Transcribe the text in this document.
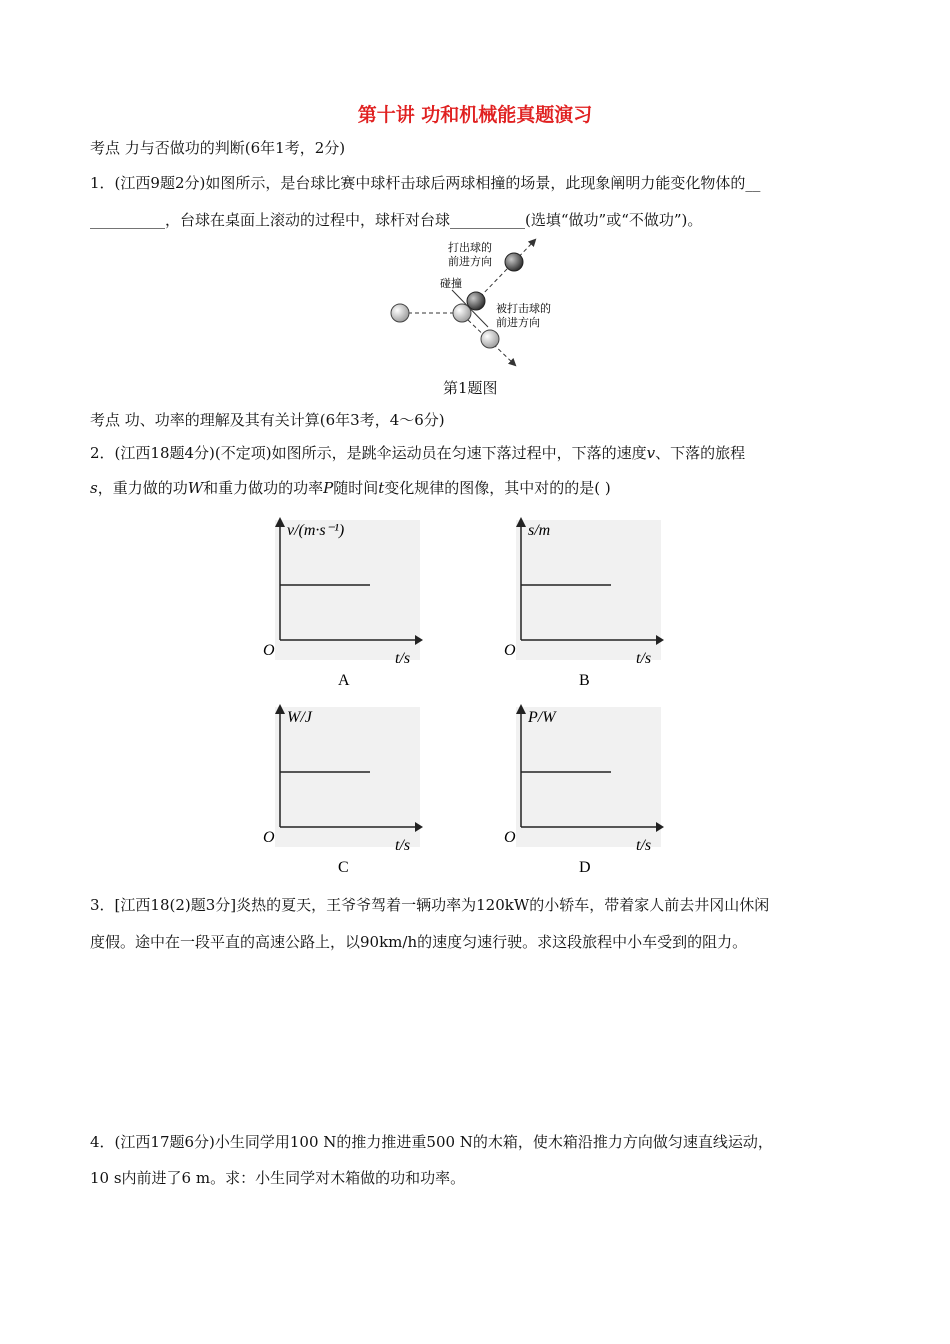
第十讲 功和机械能真题演习
考点 力与否做功的判断(6年1考，2分)
1．(江西9题2分)如图所示，是台球比赛中球杆击球后两球相撞的场景，此现象阐明力能变化物体的__
__________，台球在桌面上滚动的过程中，球杆对台球__________(选填“做功”或“不做功”)。
打出球的
前进方向
碰撞
被打击球的
前进方向
第1题图
考点 功、功率的理解及其有关计算(6年3考，4～6分)
2．(江西18题4分)(不定项)如图所示，是跳伞运动员在匀速下落过程中，下落的速度v、下落的旅程
s，重力做的功W和重力做功的功率P随时间t变化规律的图像，其中对的的是( )
v/(m·s⁻¹)
O	t/s
A
s/m
O	t/s
B
W/J
O	t/s
C
P/W
O	t/s
D
3．[江西18(2)题3分]炎热的夏天，王爷爷驾着一辆功率为120kW的小轿车，带着家人前去井冈山休闲
度假。途中在一段平直的高速公路上，以90km/h的速度匀速行驶。求这段旅程中小车受到的阻力。
4．(江西17题6分)小生同学用100 N的推力推进重500 N的木箱，使木箱沿推力方向做匀速直线运动，
10 s内前进了6 m。求：小生同学对木箱做的功和功率。
